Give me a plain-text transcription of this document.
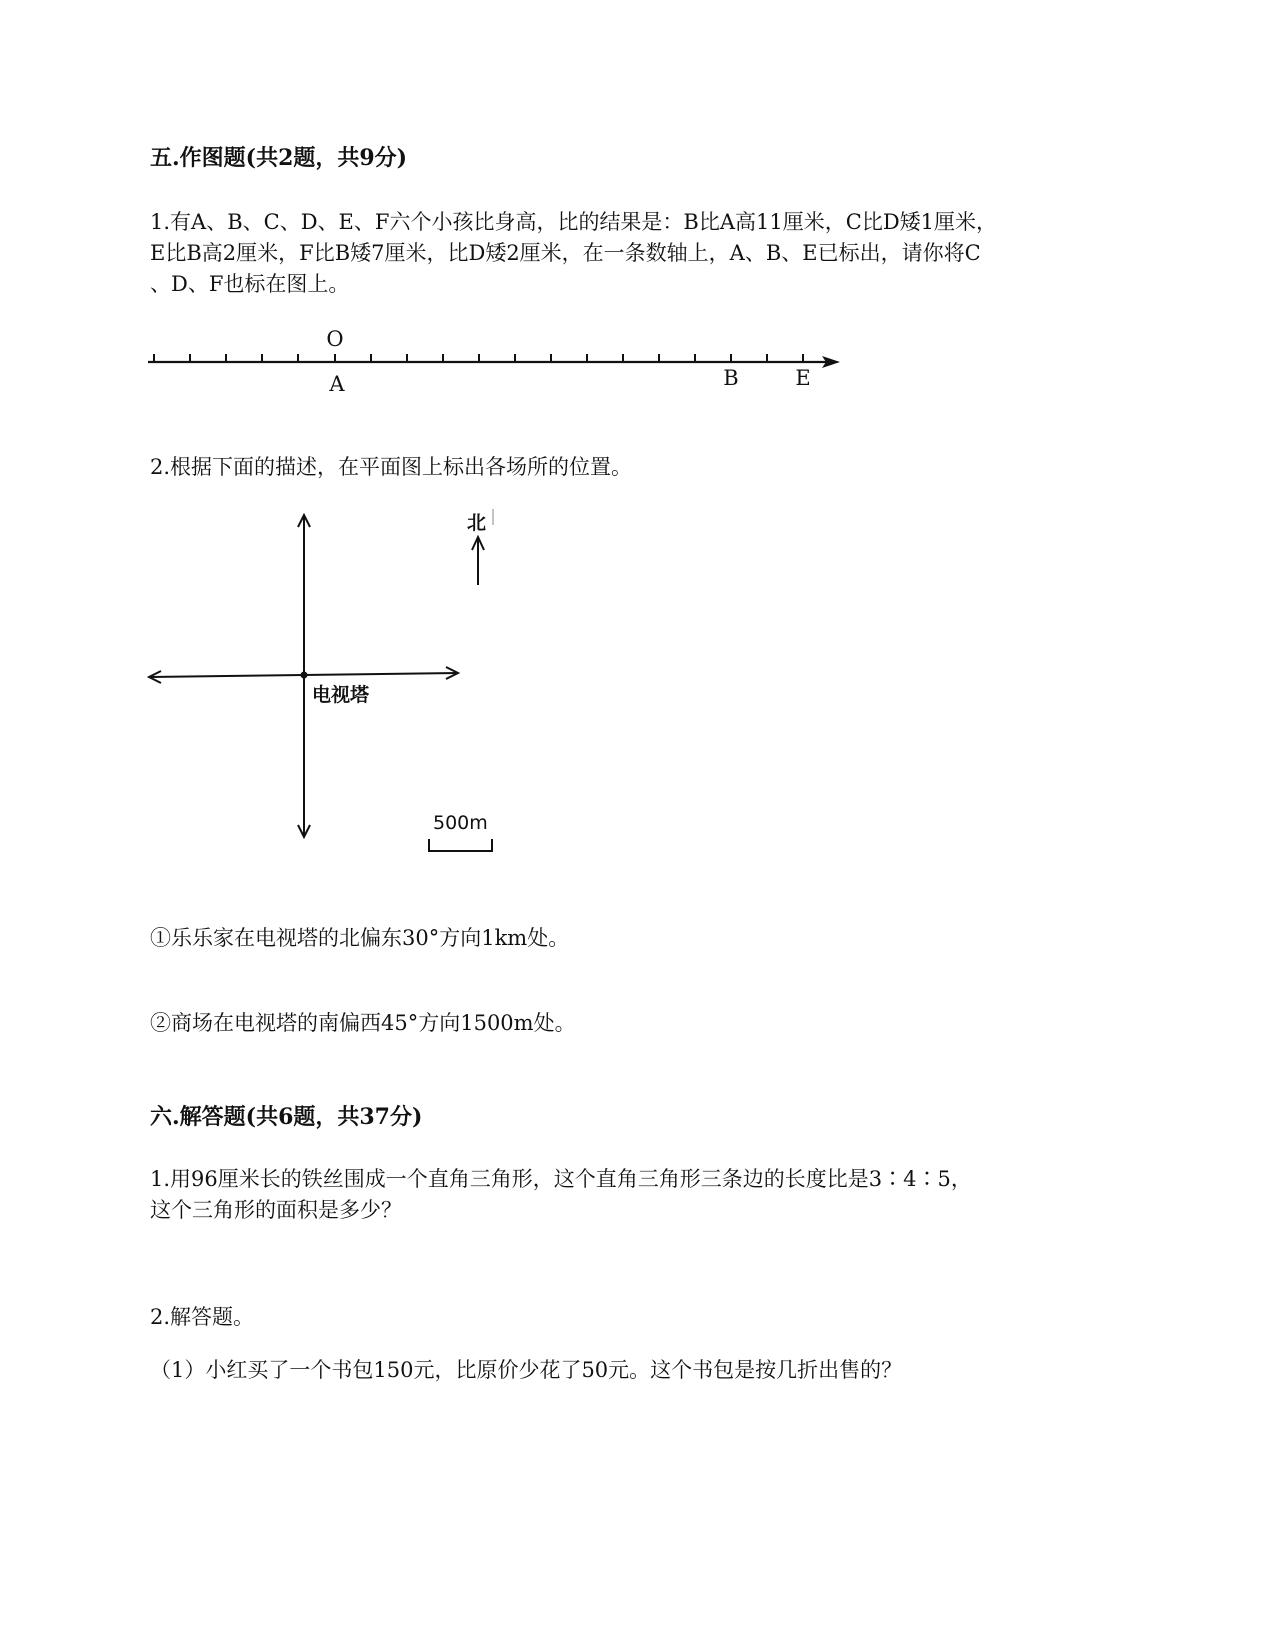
五.作图题(共2题，共9分)
1.有A、B、C、D、E、F六个小孩比身高，比的结果是：B比A高11厘米，C比D矮1厘米，
E比B高2厘米，F比B矮7厘米，比D矮2厘米，在一条数轴上，A、B、E已标出，请你将C
、D、F也标在图上。
O
A	B	E
2.根据下面的描述，在平面图上标出各场所的位置。
电视塔
北
500m
①乐乐家在电视塔的北偏东30°方向1km处。
②商场在电视塔的南偏西45°方向1500m处。
六.解答题(共6题，共37分)
1.用96厘米长的铁丝围成一个直角三角形，这个直角三角形三条边的长度比是3∶4∶5，
这个三角形的面积是多少？
2.解答题。
（1）小红买了一个书包150元，比原价少花了50元。这个书包是按几折出售的？
